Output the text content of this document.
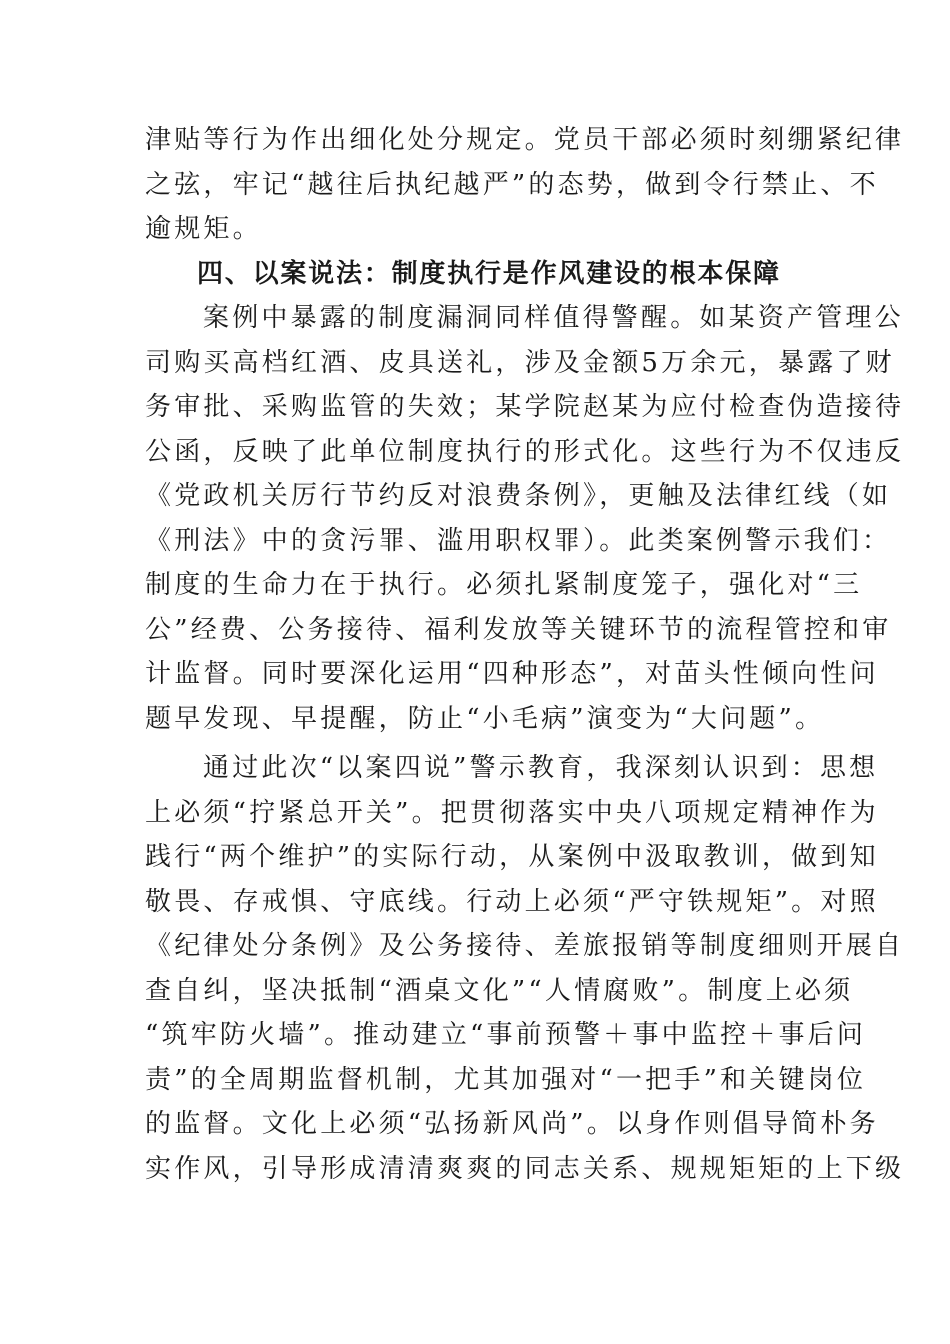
津贴等行为作出细化处分规定。党员干部必须时刻绷紧纪律
之弦，牢记“越往后执纪越严”的态势，做到令行禁止、不
逾规矩。
四、以案说法：制度执行是作风建设的根本保障
案例中暴露的制度漏洞同样值得警醒。如某资产管理公
司购买高档红酒、皮具送礼，涉及金额5万余元，暴露了财
务审批、采购监管的失效；某学院赵某为应付检查伪造接待
公函，反映了此单位制度执行的形式化。这些行为不仅违反
《党政机关厉行节约反对浪费条例》，更触及法律红线（如
《刑法》中的贪污罪、滥用职权罪）。此类案例警示我们：
制度的生命力在于执行。必须扎紧制度笼子，强化对“三
公”经费、公务接待、福利发放等关键环节的流程管控和审
计监督。同时要深化运用“四种形态”，对苗头性倾向性问
题早发现、早提醒，防止“小毛病”演变为“大问题”。
通过此次“以案四说”警示教育，我深刻认识到：思想
上必须“拧紧总开关”。把贯彻落实中央八项规定精神作为
践行“两个维护”的实际行动，从案例中汲取教训，做到知
敬畏、存戒惧、守底线。行动上必须“严守铁规矩”。对照
《纪律处分条例》及公务接待、差旅报销等制度细则开展自
查自纠，坚决抵制“酒桌文化”“人情腐败”。制度上必须
“筑牢防火墙”。推动建立“事前预警＋事中监控＋事后问
责”的全周期监督机制，尤其加强对“一把手”和关键岗位
的监督。文化上必须“弘扬新风尚”。以身作则倡导简朴务
实作风，引导形成清清爽爽的同志关系、规规矩矩的上下级
